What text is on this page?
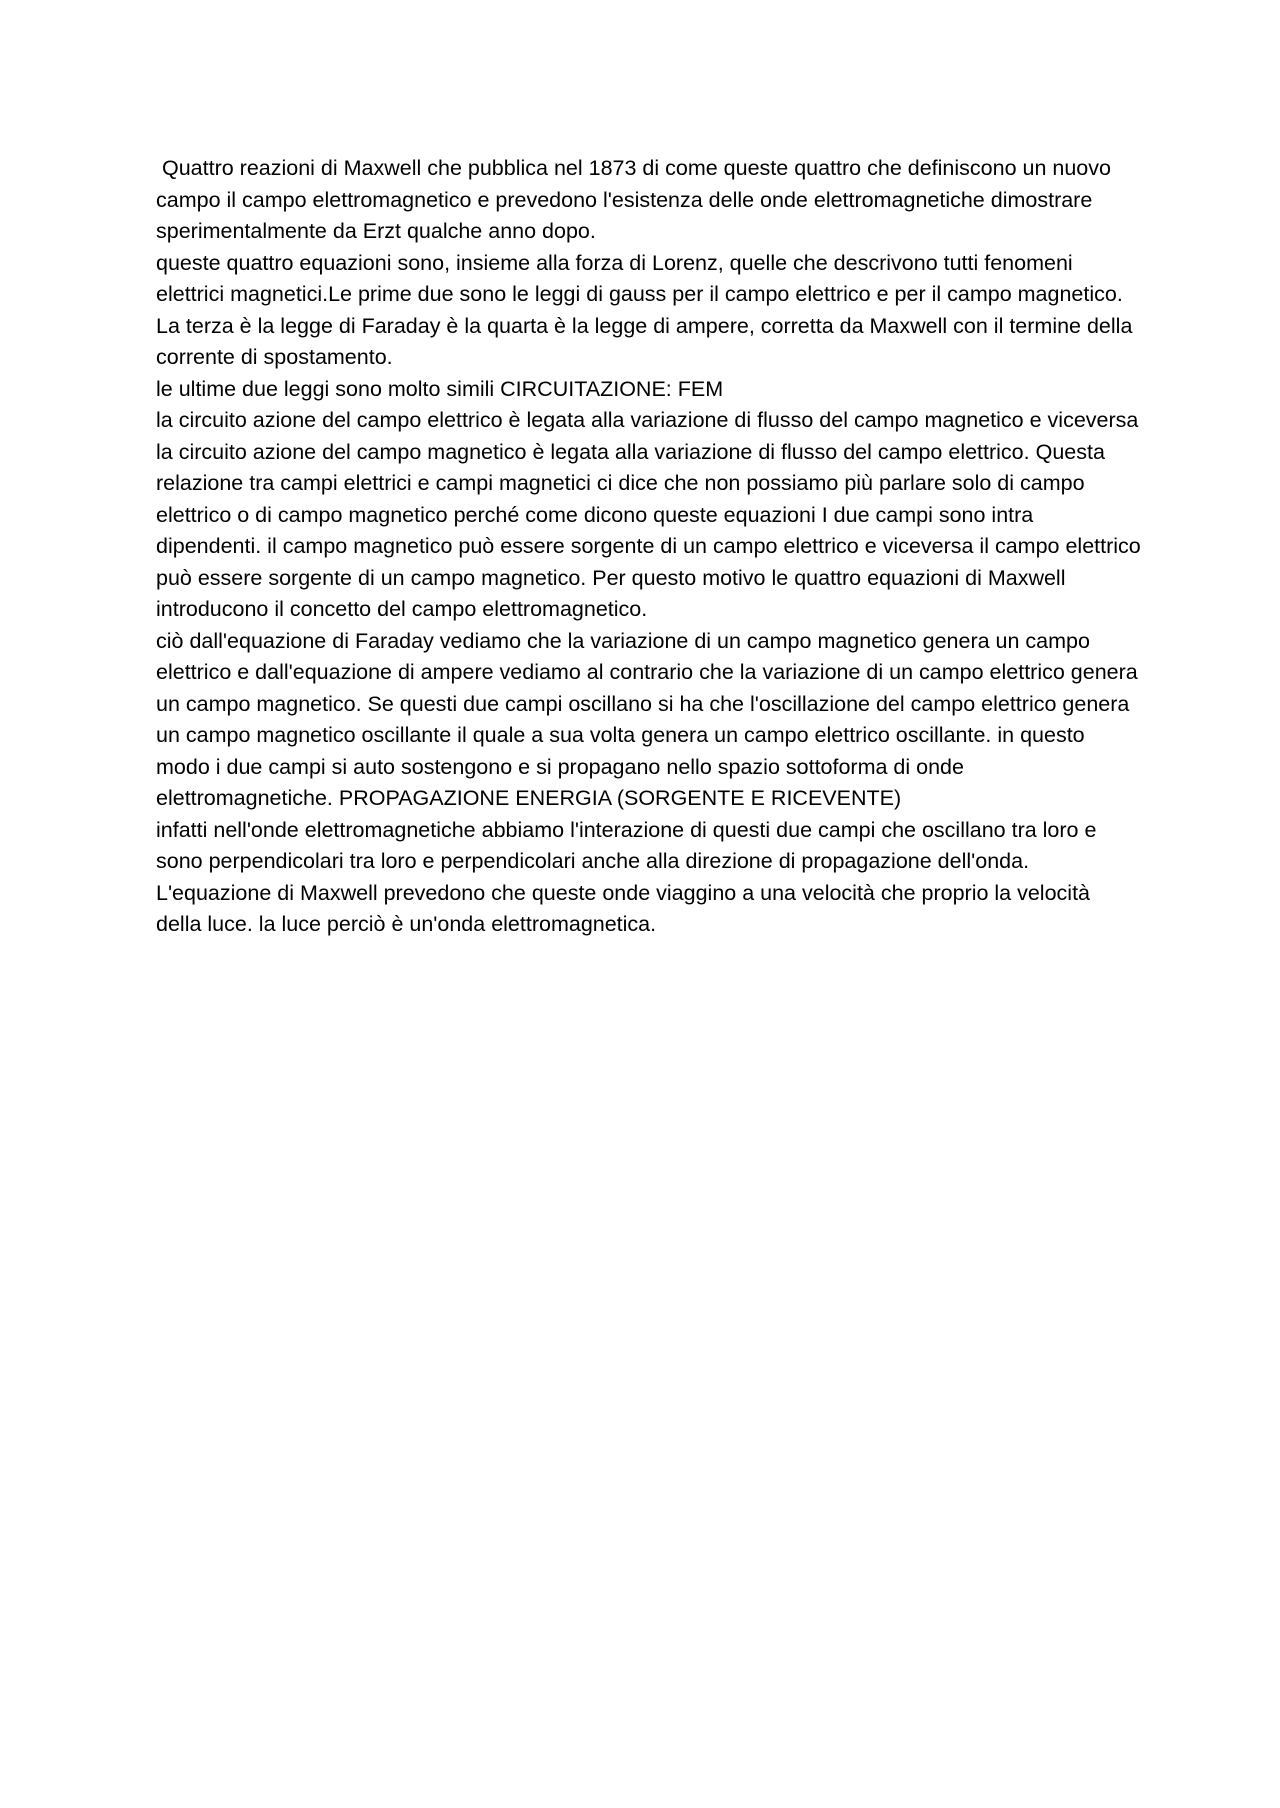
Quattro reazioni di Maxwell che pubblica nel 1873 di come queste quattro che definiscono un nuovo campo il campo elettromagnetico e prevedono l'esistenza delle onde elettromagnetiche dimostrare sperimentalmente da Erzt qualche anno dopo.

queste quattro equazioni sono, insieme alla forza di Lorenz, quelle che descrivono tutti fenomeni elettrici magnetici.Le prime due sono le leggi di gauss per il campo elettrico e per il campo magnetico. La terza è la legge di Faraday è la quarta è la legge di ampere, corretta da Maxwell con il termine della corrente di spostamento.

le ultime due leggi sono molto simili CIRCUITAZIONE: FEM

la circuito azione del campo elettrico è legata alla variazione di flusso del campo magnetico e viceversa la circuito azione del campo magnetico è legata alla variazione di flusso del campo elettrico. Questa relazione tra campi elettrici e campi magnetici ci dice che non possiamo più parlare solo di campo elettrico o di campo magnetico perché come dicono queste equazioni I due campi sono intra dipendenti. il campo magnetico può essere sorgente di un campo elettrico e viceversa il campo elettrico può essere sorgente di un campo magnetico. Per questo motivo le quattro equazioni di Maxwell introducono il concetto del campo elettromagnetico.

ciò dall'equazione di Faraday vediamo che la variazione di un campo magnetico genera un campo elettrico e dall'equazione di ampere vediamo al contrario che la variazione di un campo elettrico genera un campo magnetico. Se questi due campi oscillano si ha che l'oscillazione del campo elettrico genera un campo magnetico oscillante il quale a sua volta genera un campo elettrico oscillante. in questo modo i due campi si auto sostengono e si propagano nello spazio sottoforma di onde elettromagnetiche. PROPAGAZIONE ENERGIA (SORGENTE E RICEVENTE)

infatti nell'onde elettromagnetiche abbiamo l'interazione di questi due campi che oscillano tra loro e sono perpendicolari tra loro e perpendicolari anche alla direzione di propagazione dell'onda.

L'equazione di Maxwell prevedono che queste onde viaggino a una velocità che proprio la velocità della luce. la luce perciò è un'onda elettromagnetica.
